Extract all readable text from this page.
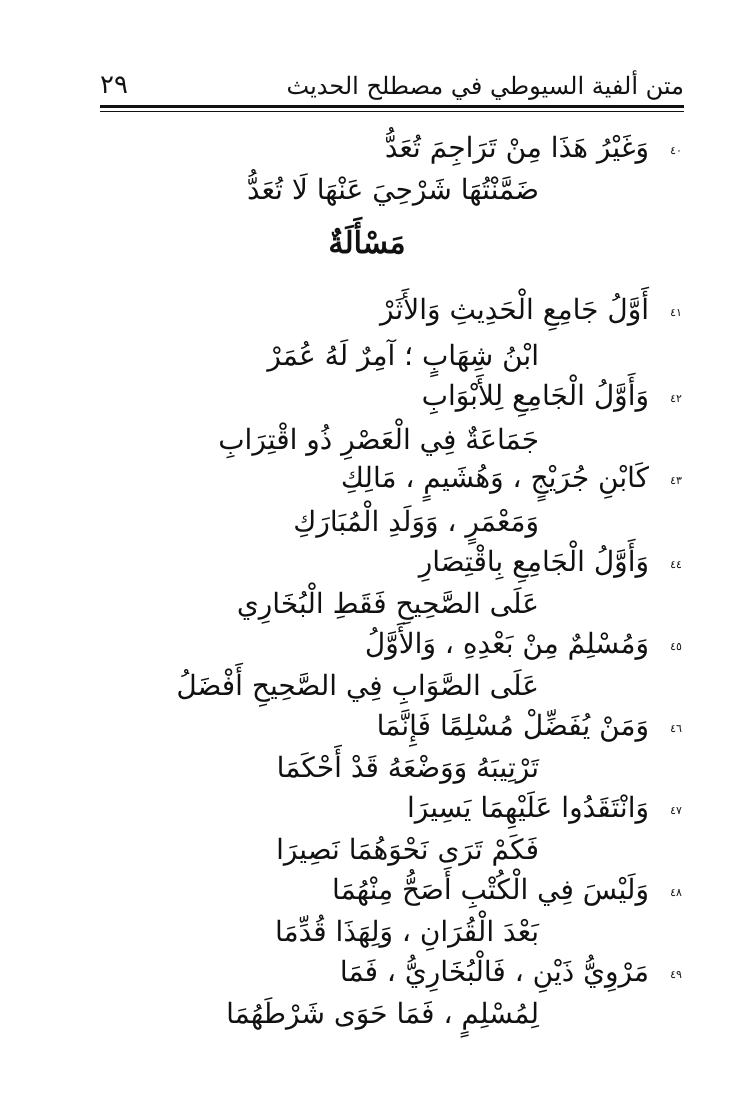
٢٩	متن ألفية السيوطي في مصطلح الحديث
٤٠
وَغَيْرُ هَذَا مِنْ تَرَاجِمَ تُعَدُّ
ضَمَّنْتُهَا شَرْحِيَ عَنْهَا لَا تُعَدُّ
مَسْأَلَةٌ
٤١
أَوَّلُ جَامِعِ الْحَدِيثِ وَالأَثَرْ
ابْنُ شِهَابٍ ؛ آمِرٌ لَهُ عُمَرْ
٤٢
وَأَوَّلُ الْجَامِعِ لِلأَبْوَابِ
جَمَاعَةٌ فِي الْعَصْرِ ذُو اقْتِرَابِ
٤٣
كَابْنِ جُرَيْجٍ ، وَهُشَيمٍ ، مَالِكِ
وَمَعْمَرٍ ، وَوَلَدِ الْمُبَارَكِ
٤٤
وَأَوَّلُ الْجَامِعِ بِاقْتِصَارِ
عَلَى الصَّحِيحِ فَقَطِ الْبُخَارِي
٤٥
وَمُسْلِمٌ مِنْ بَعْدِهِ ، وَالأَوَّلُ
عَلَى الصَّوَابِ فِي الصَّحِيحِ أَفْضَلُ
٤٦
وَمَنْ يُفَضِّلْ مُسْلِمًا فَإِنَّمَا
تَرْتِيبَهُ وَوَضْعَهُ قَدْ أَحْكَمَا
٤٧
وَانْتَقَدُوا عَلَيْهِمَا يَسِيرَا
فَكَمْ تَرَى نَحْوَهُمَا نَصِيرَا
٤٨
وَلَيْسَ فِي الْكُتْبِ أَصَحُّ مِنْهُمَا
بَعْدَ الْقُرَانِ ، وَلِهَذَا قُدِّمَا
٤٩
مَرْوِيُّ ذَيْنِ ، فَالْبُخَارِيُّ ، فَمَا
لِمُسْلِمٍ ، فَمَا حَوَى شَرْطَهُمَا
